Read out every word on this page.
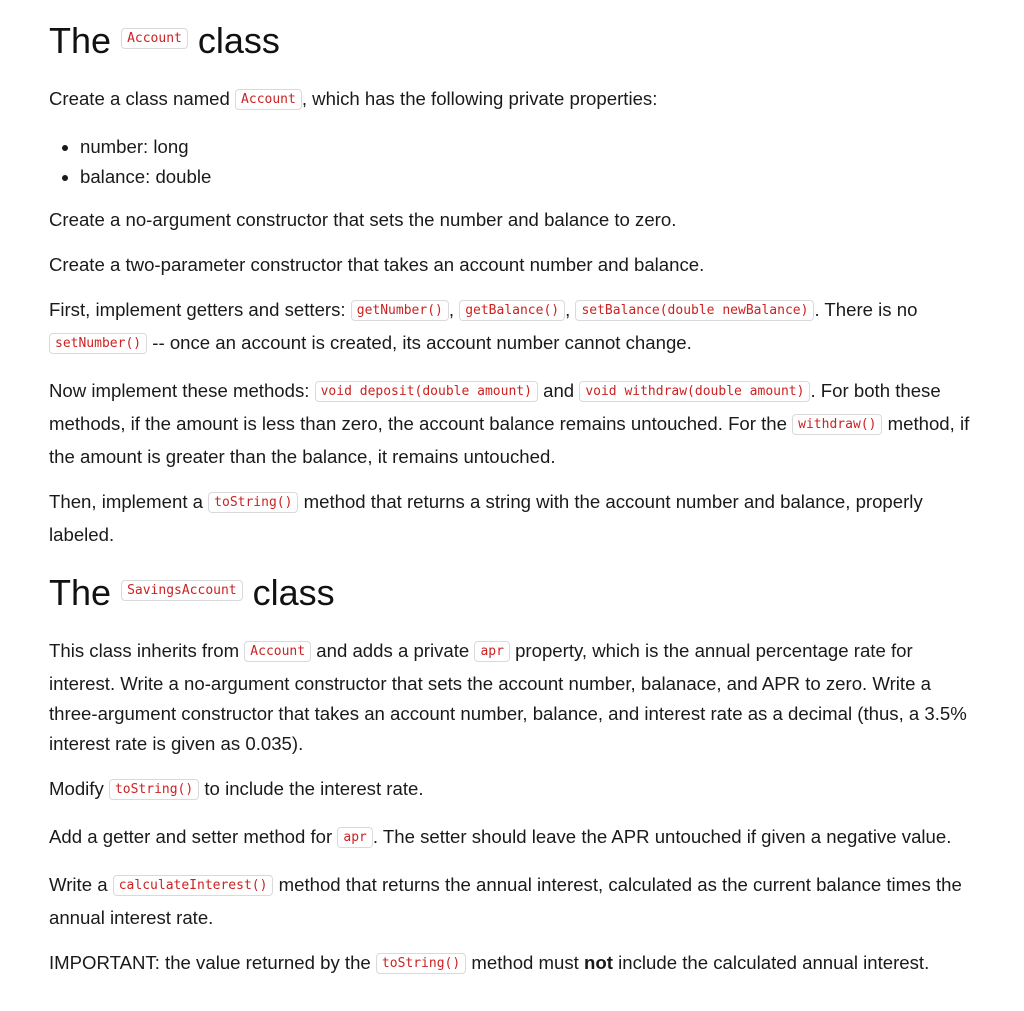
The Account class

Create a class named Account , which has the following private properties:

• number: long
• balance: double

Create a no-argument constructor that sets the number and balance to zero.

Create a two-parameter constructor that takes an account number and balance.

First, implement getters and setters: getNumber() , getBalance() , setBalance(double newBalance) . There is no setNumber() -- once an account is created, its account number cannot change.

Now implement these methods: void deposit(double amount) and void withdraw(double amount) . For both these methods, if the amount is less than zero, the account balance remains untouched. For the withdraw() method, if the amount is greater than the balance, it remains untouched.

Then, implement a toString() method that returns a string with the account number and balance, properly labeled.

The SavingsAccount class

This class inherits from Account and adds a private apr property, which is the annual percentage rate for interest. Write a no-argument constructor that sets the account number, balanace, and APR to zero. Write a three-argument constructor that takes an account number, balance, and interest rate as a decimal (thus, a 3.5% interest rate is given as 0.035).

Modify toString() to include the interest rate.

Add a getter and setter method for apr . The setter should leave the APR untouched if given a negative value.

Write a calculateInterest() method that returns the annual interest, calculated as the current balance times the annual interest rate.

IMPORTANT: the value returned by the toString() method must not include the calculated annual interest.
